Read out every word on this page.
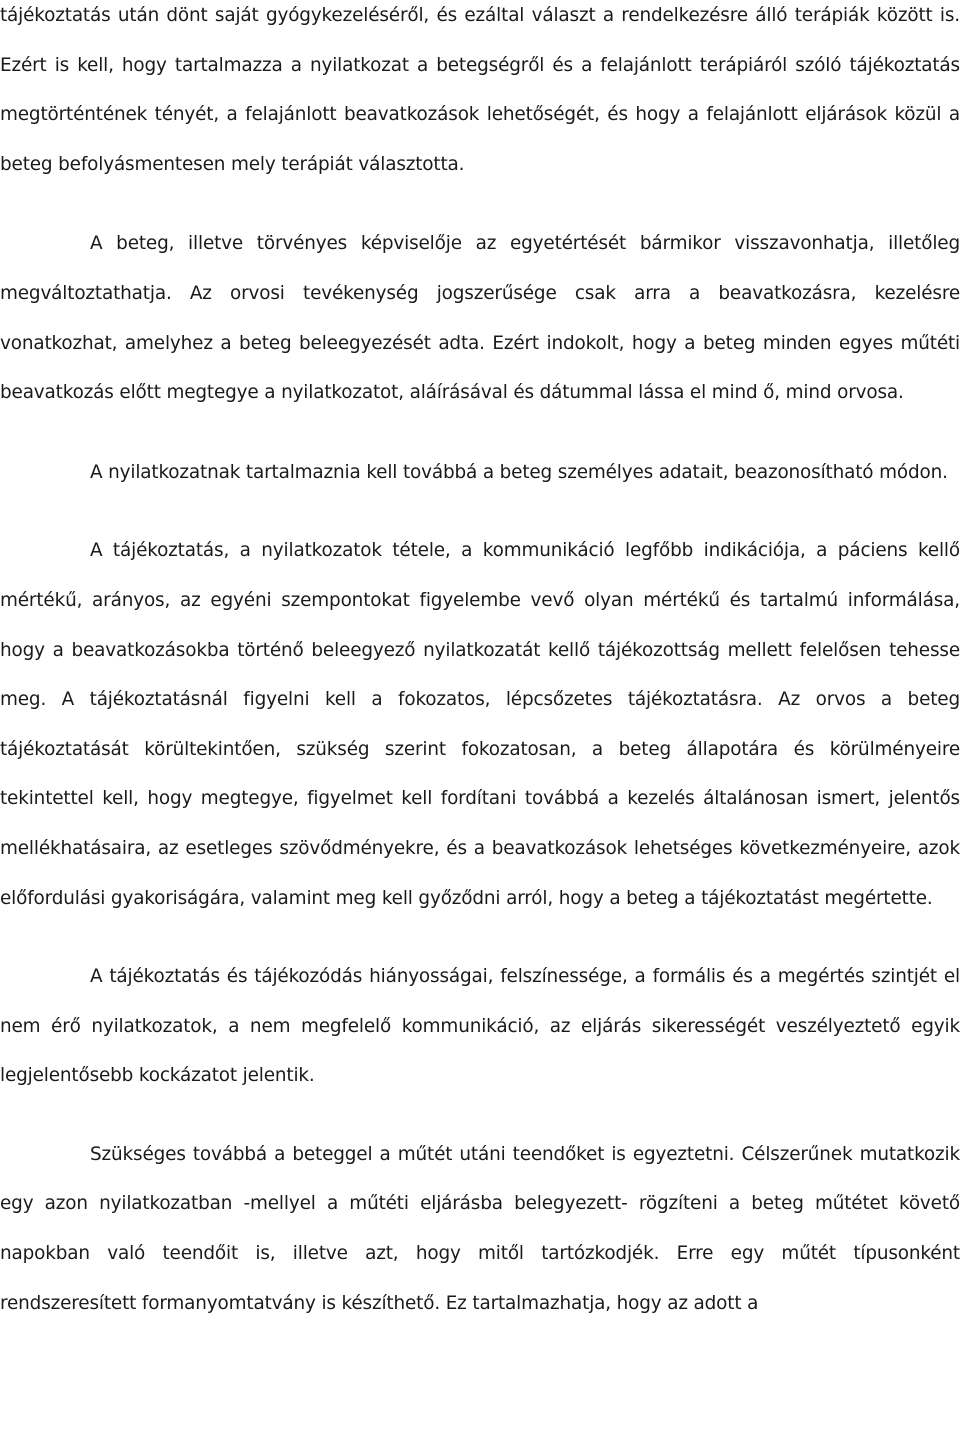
tájékoztatás után dönt saját gyógykezeléséről, és ezáltal választ a rendelkezésre álló terápiák között is. Ezért is kell, hogy tartalmazza a nyilatkozat a betegségről és a felajánlott terápiáról szóló tájékoztatás megtörténtének tényét, a felajánlott beavatkozások lehetőségét, és hogy a felajánlott eljárások közül a beteg befolyásmentesen mely terápiát választotta.

A beteg, illetve törvényes képviselője az egyetértését bármikor visszavonhatja, illetőleg megváltoztathatja. Az orvosi tevékenység jogszerűsége csak arra a beavatkozásra, kezelésre vonatkozhat, amelyhez a beteg beleegyezését adta. Ezért indokolt, hogy a beteg minden egyes műtéti beavatkozás előtt megtegye a nyilatkozatot, aláírásával és dátummal lássa el mind ő, mind orvosa.

A nyilatkozatnak tartalmaznia kell továbbá a beteg személyes adatait, beazonosítható módon.

A tájékoztatás, a nyilatkozatok tétele, a kommunikáció legfőbb indikációja, a páciens kellő mértékű, arányos, az egyéni szempontokat figyelembe vevő olyan mértékű és tartalmú informálása, hogy a beavatkozásokba történő beleegyező nyilatkozatát kellő tájékozottság mellett felelősen tehesse meg. A tájékoztatásnál figyelni kell a fokozatos, lépcsőzetes tájékoztatásra. Az orvos a beteg tájékoztatását körültekintően, szükség szerint fokozatosan, a beteg állapotára és körülményeire tekintettel kell, hogy megtegye, figyelmet kell fordítani továbbá a kezelés általánosan ismert, jelentős mellékhatásaira, az esetleges szövődményekre, és a beavatkozások lehetséges következményeire, azok előfordulási gyakoriságára, valamint meg kell győződni arról, hogy a beteg a tájékoztatást megértette.

A tájékoztatás és tájékozódás hiányosságai, felszínessége, a formális és a megértés szintjét el nem érő nyilatkozatok, a nem megfelelő kommunikáció, az eljárás sikerességét veszélyeztető egyik legjelentősebb kockázatot jelentik.

Szükséges továbbá a beteggel a műtét utáni teendőket is egyeztetni. Célszerűnek mutatkozik egy azon nyilatkozatban -mellyel a műtéti eljárásba belegyezett- rögzíteni a beteg műtétet követő napokban való teendőit is, illetve azt, hogy mitől tartózkodjék. Erre egy műtét típusonként rendszeresített formanyomtatvány is készíthető. Ez tartalmazhatja, hogy az adott a
